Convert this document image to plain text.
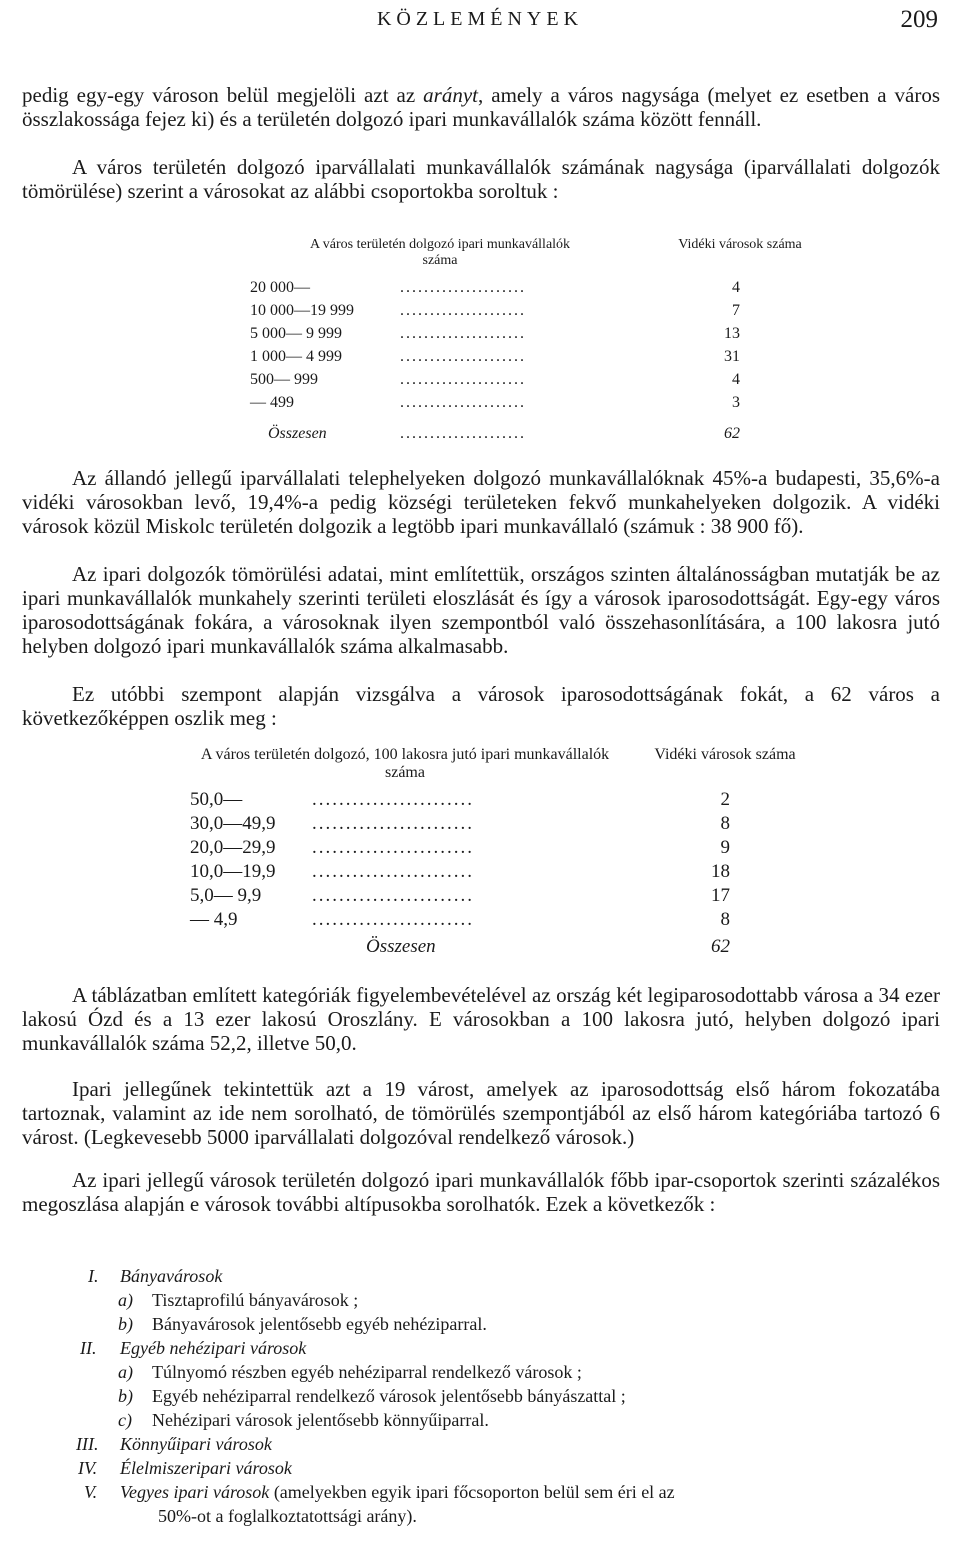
KÖZLEMÉNYEK	209

pedig egy-egy városon belül megjelöli azt az arányt, amely a város nagysága (melyet ez esetben a város összlakossága fejez ki) és a területén dolgozó ipari munkavállalók száma között fennáll.

A város területén dolgozó iparvállalati munkavállalók számának nagysága (iparvállalati dolgozók tömörülése) szerint a városokat az alábbi csoportokba soroltuk :

A város területén dolgozó ipari munkavállalók száma
Vidéki városok száma
20 000—	.....................	4
10 000—19 999	.....................	7
5 000— 9 999	.....................	13
1 000— 4 999	.....................	31
500— 999	.....................	4
— 499	.....................	3
Összesen	.....................	62

Az állandó jellegű iparvállalati telephelyeken dolgozó munkavállalóknak 45%-a budapesti, 35,6%-a vidéki városokban levő, 19,4%-a pedig községi területeken fekvő munkahelyeken dolgozik. A vidéki városok közül Miskolc területén dolgozik a legtöbb ipari munkavállaló (számuk : 38 900 fő).

Az ipari dolgozók tömörülési adatai, mint említettük, országos szinten általánosságban mutatják be az ipari munkavállalók munkahely szerinti területi eloszlását és így a városok iparosodottságát. Egy-egy város iparosodottságának fokára, a városoknak ilyen szempontból való összehasonlítására, a 100 lakosra jutó helyben dolgozó ipari munkavállalók száma alkalmasabb.

Ez utóbbi szempont alapján vizsgálva a városok iparosodottságának fokát, a 62 város a következőképpen oszlik meg :

A város területén dolgozó, 100 lakosra jutó ipari munkavállalók száma
Vidéki városok száma
50,0—	........................	2
30,0—49,9 ........................	8
20,0—29,9 ........................	9
10,0—19,9 ........................	18
5,0— 9,9	........................	17
— 4,9	........................	8
Összesen	62

A táblázatban említett kategóriák figyelembevételével az ország két legiparosodottabb városa a 34 ezer lakosú Ózd és a 13 ezer lakosú Oroszlány. E városokban a 100 lakosra jutó, helyben dolgozó ipari munkavállalók száma 52,2, illetve 50,0.

Ipari jellegűnek tekintettük azt a 19 várost, amelyek az iparosodottság első három fokozatába tartoznak, valamint az ide nem sorolható, de tömörülés szempontjából az első három kategóriába tartozó 6 várost. (Legkevesebb 5000 iparvállalati dolgozóval rendelkező városok.)

Az ipari jellegű városok területén dolgozó ipari munkavállalók főbb ipar-csoportok szerinti százalékos megoszlása alapján e városok további altípusokba sorolhatók. Ezek a következők :

I. Bányavárosok
a) Tisztaprofilú bányavárosok ;
b) Bányavárosok jelentősebb egyéb nehéziparral.
II. Egyéb nehézipari városok
a) Túlnyomó részben egyéb nehéziparral rendelkező városok ;
b) Egyéb nehéziparral rendelkező városok jelentősebb bányászattal ;
c) Nehézipari városok jelentősebb könnyűiparral.
III. Könnyűipari városok
IV. Élelmiszeripari városok
V. Vegyes ipari városok (amelyekben egyik ipari főcsoporton belül sem éri el az
50%-ot a foglalkoztatottsági arány).
